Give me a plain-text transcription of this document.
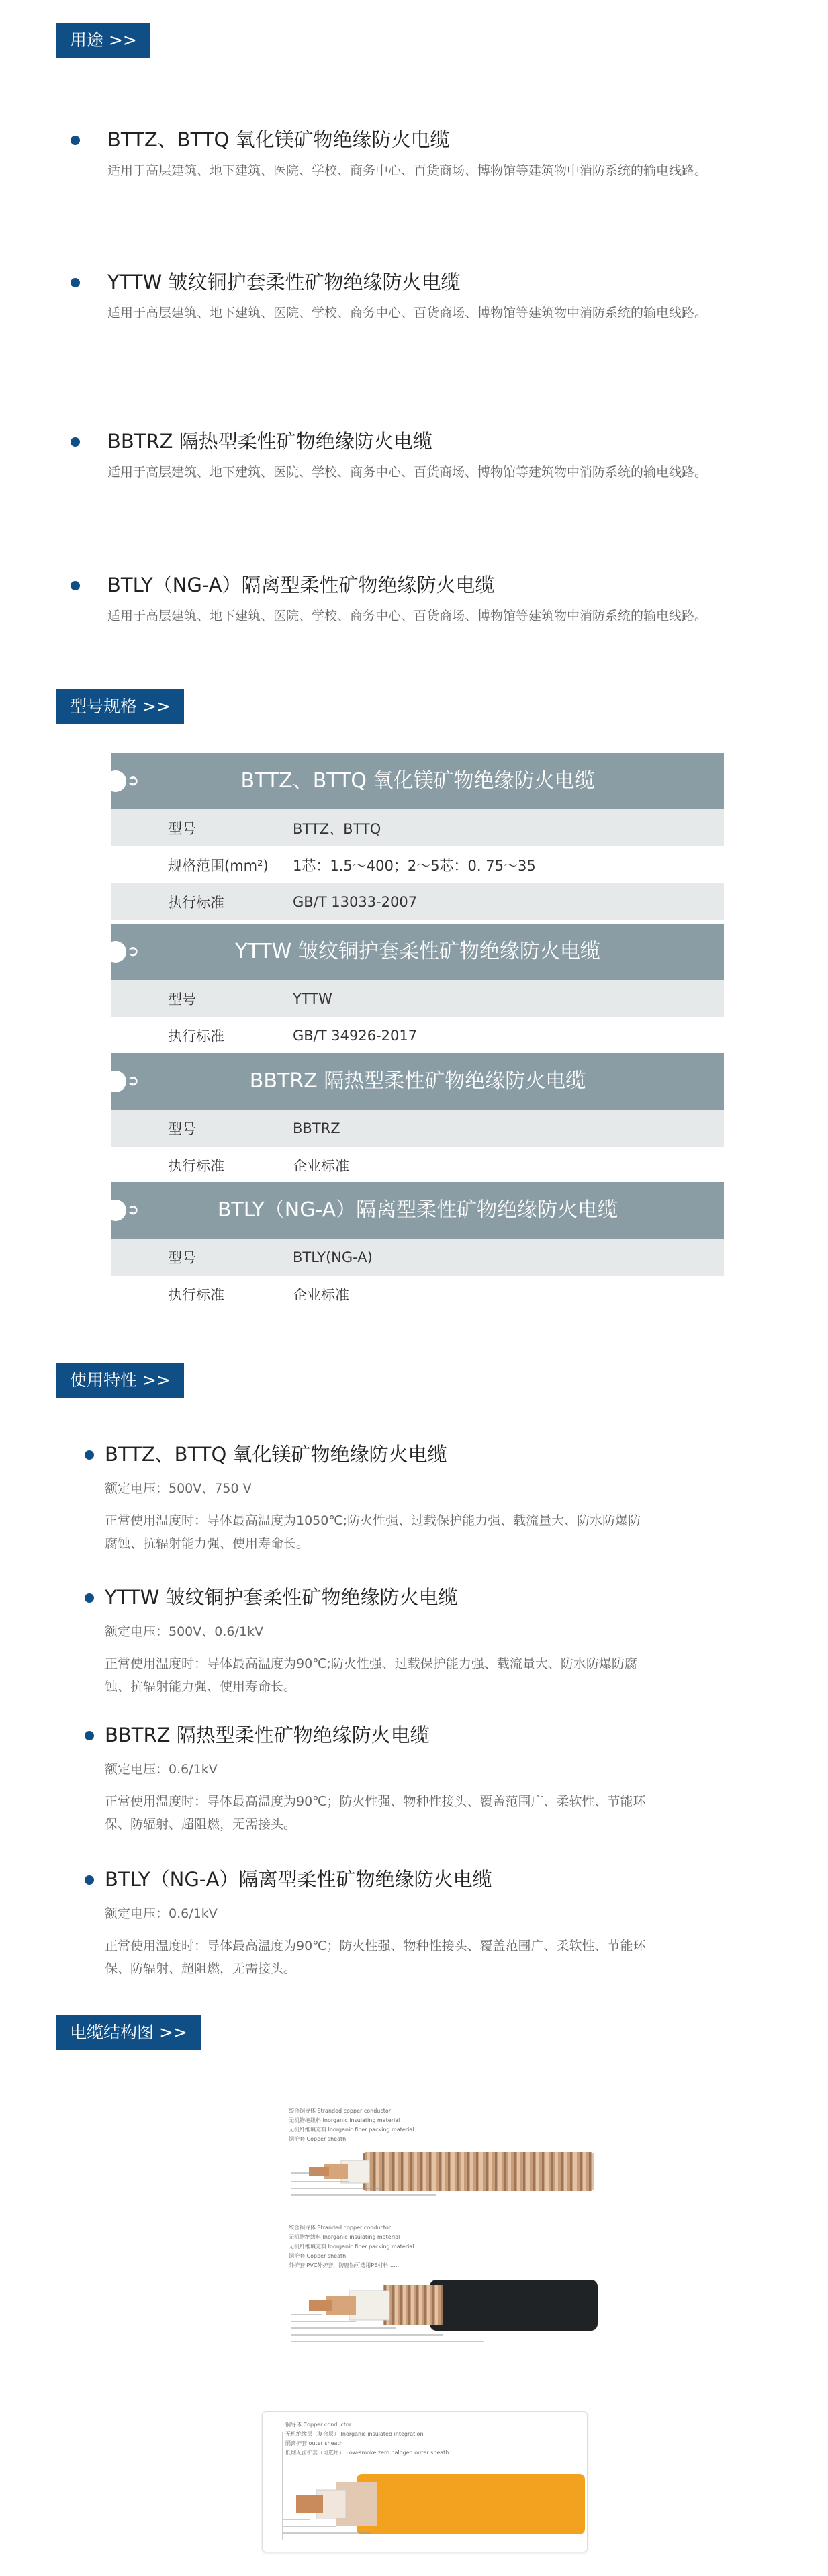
用途 >>
BTTZ、BTTQ 氧化镁矿物绝缘防火电缆
适用于高层建筑、地下建筑、医院、学校、商务中心、百货商场、博物馆等建筑物中消防系统的输电线路。
YTTW 皱纹铜护套柔性矿物绝缘防火电缆
适用于高层建筑、地下建筑、医院、学校、商务中心、百货商场、博物馆等建筑物中消防系统的输电线路。
BBTRZ 隔热型柔性矿物绝缘防火电缆
适用于高层建筑、地下建筑、医院、学校、商务中心、百货商场、博物馆等建筑物中消防系统的输电线路。
BTLY（NG-A）隔离型柔性矿物绝缘防火电缆
适用于高层建筑、地下建筑、医院、学校、商务中心、百货商场、博物馆等建筑物中消防系统的输电线路。
型号规格 >>
➲	BTTZ、BTTQ 氧化镁矿物绝缘防火电缆
型号	BTTZ、BTTQ
规格范围(mm²)	1芯：1.5～400；2～5芯：0. 75～35
执行标准	GB/T 13033-2007
➲	YTTW 皱纹铜护套柔性矿物绝缘防火电缆
型号	YTTW
执行标准	GB/T 34926-2017
➲	BBTRZ 隔热型柔性矿物绝缘防火电缆
型号	BBTRZ
执行标准	企业标准
➲	BTLY（NG-A）隔离型柔性矿物绝缘防火电缆
型号	BTLY(NG-A)
执行标准	企业标准
使用特性 >>
BTTZ、BTTQ 氧化镁矿物绝缘防火电缆
额定电压：500V、750 V
正常使用温度时：导体最高温度为1050℃;防火性强、过载保护能力强、载流量大、防水防爆防
腐蚀、抗辐射能力强、使用寿命长。
YTTW 皱纹铜护套柔性矿物绝缘防火电缆
额定电压：500V、0.6/1kV
正常使用温度时：导体最高温度为90℃;防火性强、过载保护能力强、载流量大、防水防爆防腐
蚀、抗辐射能力强、使用寿命长。
BBTRZ 隔热型柔性矿物绝缘防火电缆
额定电压：0.6/1kV
正常使用温度时：导体最高温度为90℃；防火性强、物种性接头、覆盖范围广、柔软性、节能环
保、防辐射、超阻燃，无需接头。
BTLY（NG-A）隔离型柔性矿物绝缘防火电缆
额定电压：0.6/1kV
正常使用温度时：导体最高温度为90℃；防火性强、物种性接头、覆盖范围广、柔软性、节能环
保、防辐射、超阻燃，无需接头。
电缆结构图 >>
绞合铜导体 Stranded copper conductor
无机物绝缘料 Inorganic insulating material
无机纤维填充料 Inorganic fiber packing material
铜护套 Copper sheath
绞合铜导体 Stranded copper conductor
无机物绝缘料 Inorganic insulating material
无机纤维填充料 Inorganic fiber packing material
铜护套 Copper sheath
外护套 PVC外护套，防腐蚀可选用PE材料 ……
铜导体 Copper conductor
无机绝缘层（复合层） Inorganic insulated integration
隔离护套 outer sheath
低烟无卤护套（可选用） Low-smoke zero halogen outer sheath
